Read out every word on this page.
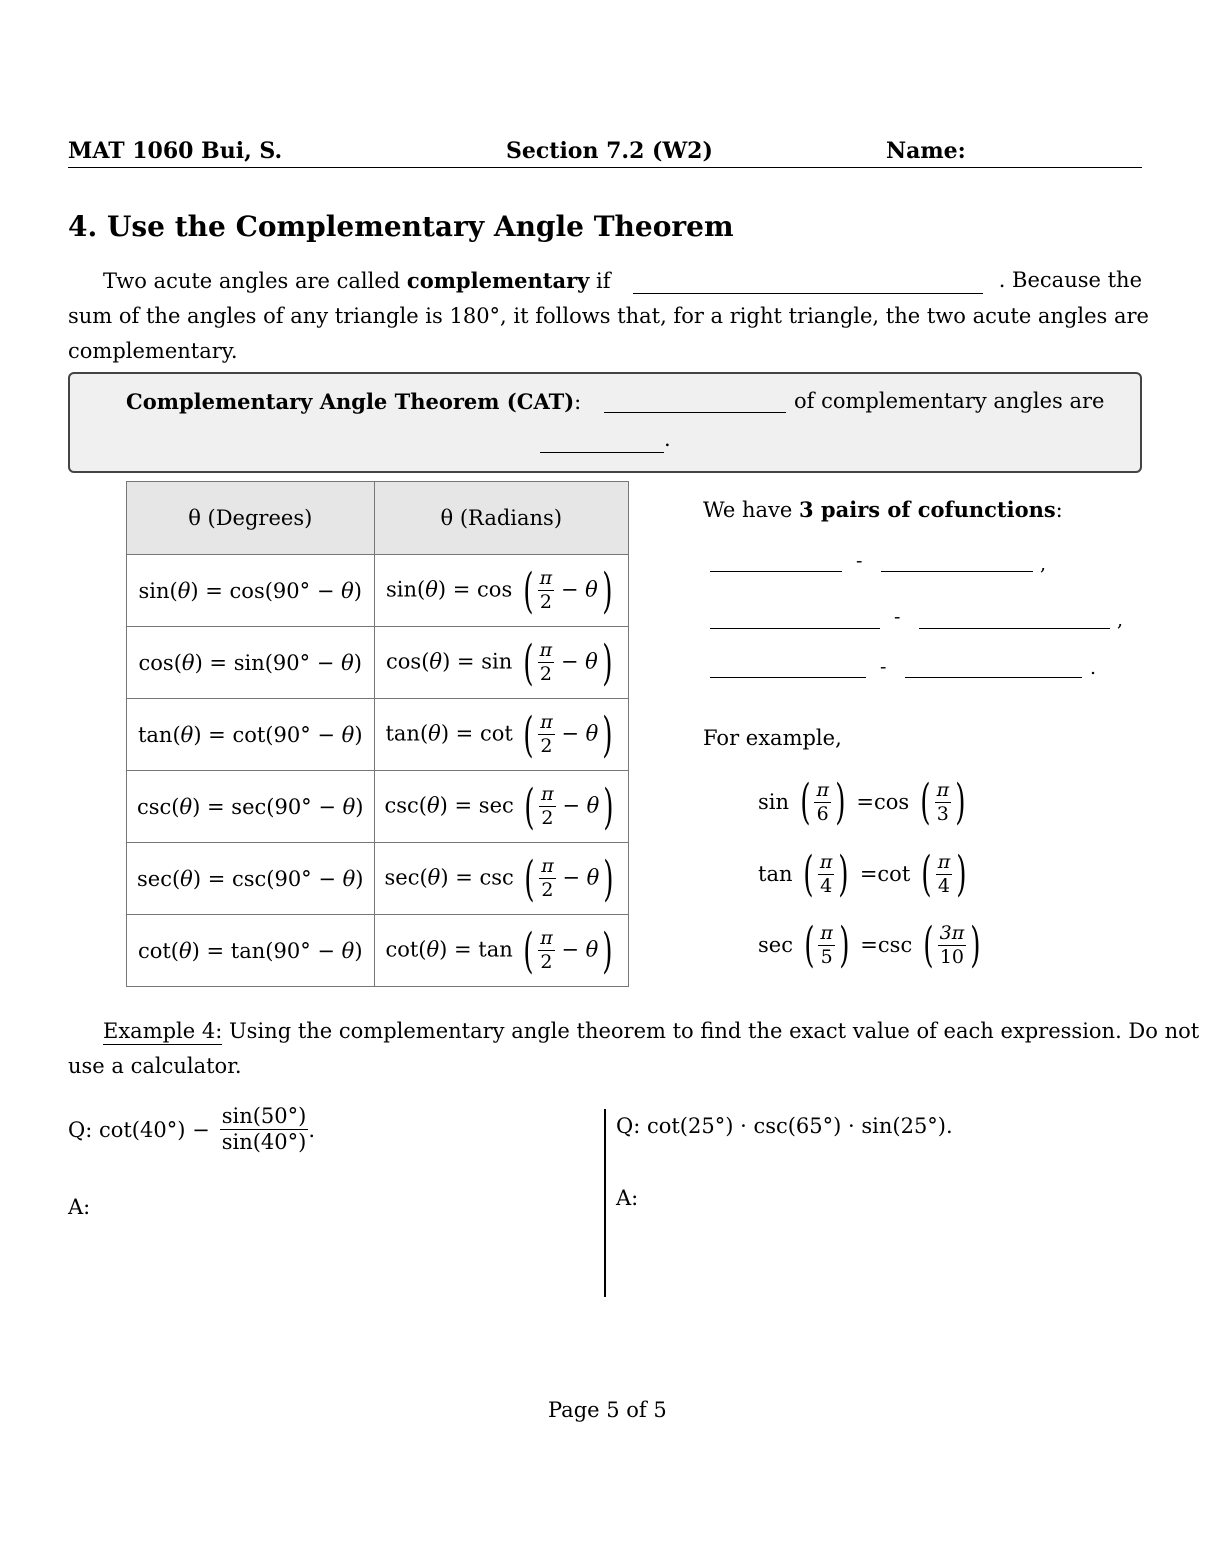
MAT 1060 Bui, S.	Section 7.2 (W2)	Name:
4. Use the Complementary Angle Theorem
Two acute angles are called complementary if	. Because the
sum of the angles of any triangle is 180°, it follows that, for a right triangle, the two acute angles are
complementary.
Complementary Angle Theorem (CAT):	of complementary angles are
.
θ (Degrees)	θ (Radians)
sin(θ) = cos(90° − θ)	sin(θ) = cos ( $\frac{\pi}{2} - \theta$)
cos(θ) = sin(90° − θ)	cos(θ) = sin ( $\frac{\pi}{2} - \theta$)
tan(θ) = cot(90° − θ)	tan(θ) = cot ( $\frac{\pi}{2} - \theta$)
csc(θ) = sec(90° − θ)	csc(θ) = sec ( $\frac{\pi}{2} - \theta$)
sec(θ) = csc(90° − θ)	sec(θ) = csc ( $\frac{\pi}{2} - \theta$)
cot(θ) = tan(90° − θ)	cot(θ) = tan ( $\frac{\pi}{2} - \theta$)
We have 3 pairs of cofunctions:
-	,
-	,
-	.
For example,
sin
( $\frac{\pi}{6}$ ) = cos
( $\frac{\pi}{3}$ )
tan
( $\frac{\pi}{4}$ ) = cot
( $\frac{\pi}{4}$ )
sec
( $\frac{\pi}{5}$ ) = csc
( $\frac{3\pi}{10}$ )
Example 4: Using the complementary angle theorem to find the exact value of each expression. Do not
use a calculator.
Q: $\cot(40^\circ) - \frac{\sin(50^\circ)}{\sin(40^\circ)}$ .
A:
Q: cot(25°) · csc(65°) · sin(25°).
A:
Page 5 of 5
